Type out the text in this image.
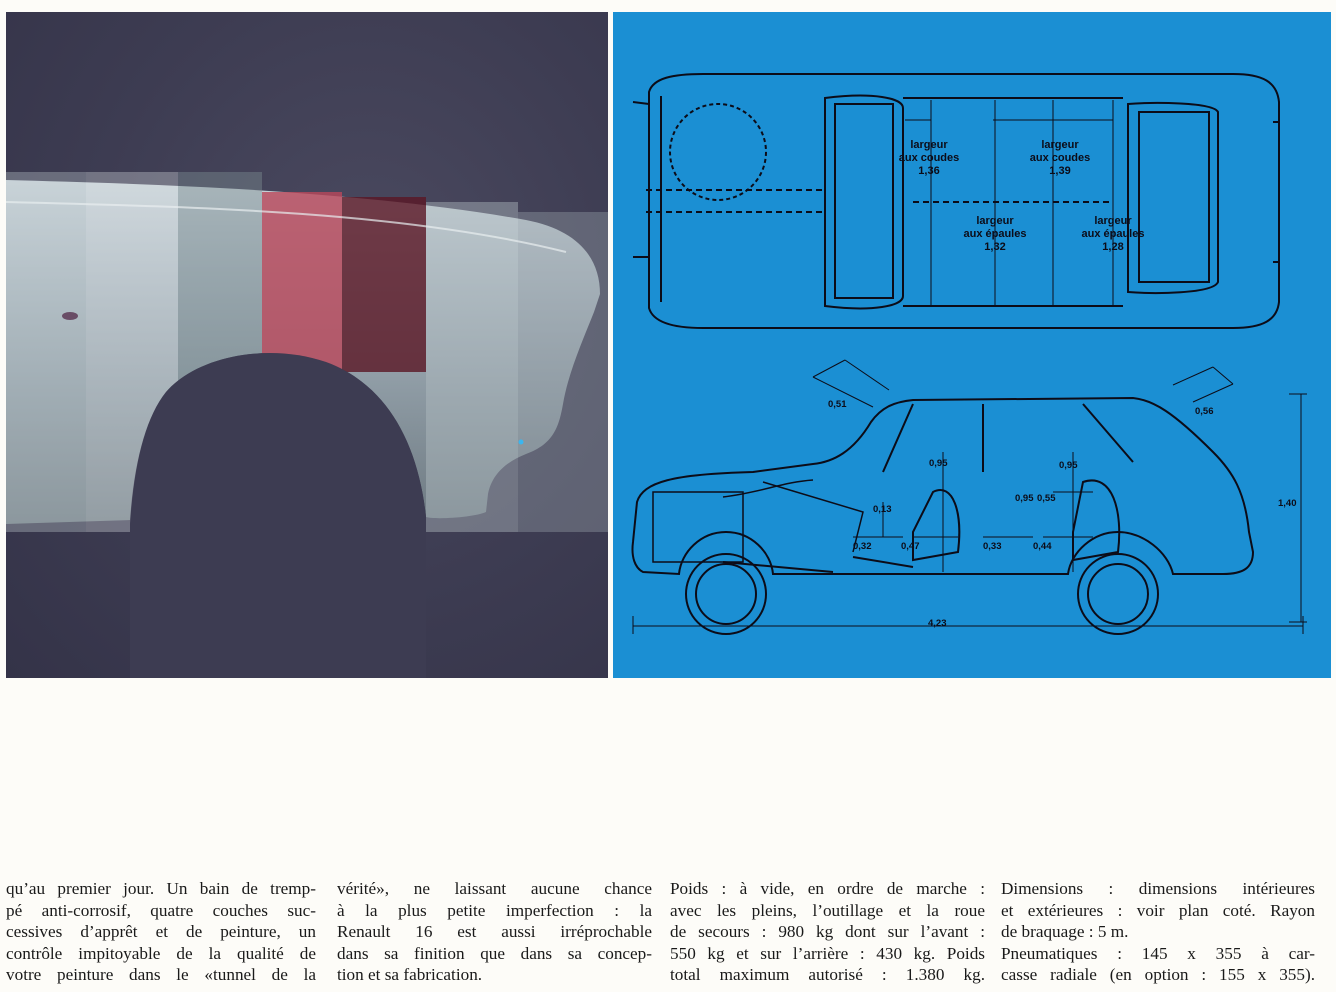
largeur
aux coudes
1,36
largeur
aux coudes
1,39
largeur
aux épaules
1,32
largeur
aux épaules
1,28
0,51
0,56
0,95	0,95
0,95 0,55
0,13
0,32	0,47	0,33	0,44
1,40
4,23

qu’au premier jour. Un bain de tremp-
pé anti-corrosif, quatre couches suc-
cessives d’apprêt et de peinture, un
contrôle impitoyable de la qualité de
votre peinture dans le «tunnel de la

vérité», ne laissant aucune chance
à la plus petite imperfection : la
Renault 16 est aussi irréprochable
dans sa finition que dans sa concep-
tion et sa fabrication.

Poids : à vide, en ordre de marche :
avec les pleins, l’outillage et la roue
de secours : 980 kg dont sur l’avant :
550 kg et sur l’arrière : 430 kg. Poids
total maximum autorisé : 1.380 kg.

Dimensions : dimensions intérieures
et extérieures : voir plan coté. Rayon
de braquage : 5 m.
Pneumatiques : 145 x 355 à car-
casse radiale (en option : 155 x 355).
